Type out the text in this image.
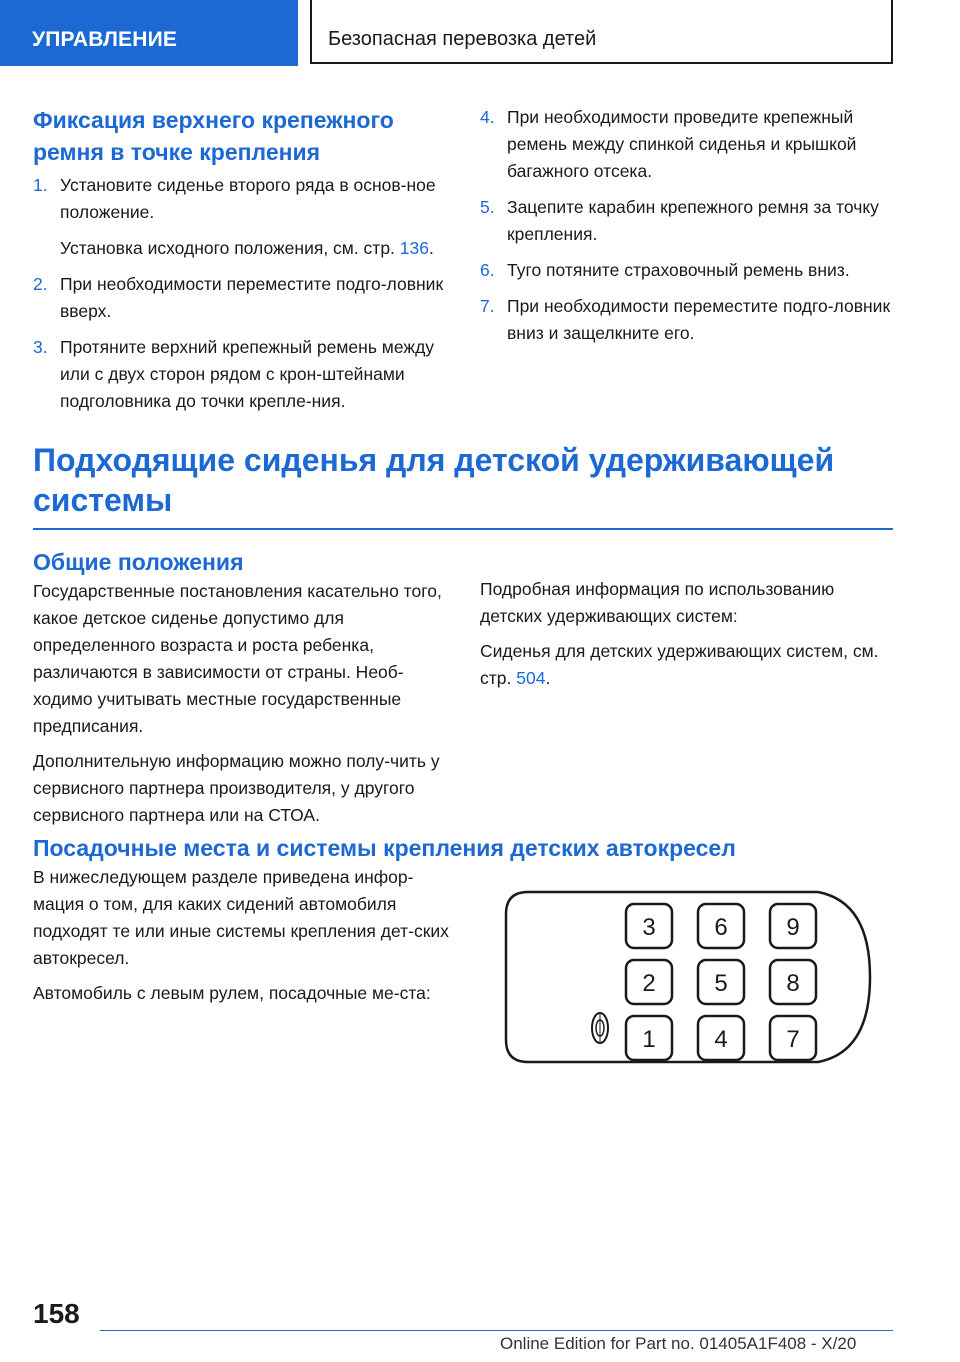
УПРАВЛЕНИЕ	Безопасная перевозка детей
Фиксация верхнего крепежного ремня в точке крепления
1. Установите сиденье второго ряда в основ-ное положение.
Установка исходного положения, см. стр. 136.
2. При необходимости переместите подго-ловник вверх.
3. Протяните верхний крепежный ремень между или с двух сторон рядом с крон-штейнами подголовника до точки крепле-ния.
4. При необходимости проведите крепежный ремень между спинкой сиденья и крышкой багажного отсека.
5. Зацепите карабин крепежного ремня за точку крепления.
6. Туго потяните страховочный ремень вниз.
7. При необходимости переместите подго-ловник вниз и защелкните его.
Подходящие сиденья для детской удерживающей системы
Общие положения

Государственные постановления касательно того, какое детское сиденье допустимо для определенного возраста и роста ребенка, различаются в зависимости от страны. Необ-ходимо учитывать местные государственные предписания.

Дополнительную информацию можно полу-чить у сервисного партнера производителя, у другого сервисного партнера или на СТОА.

Подробная информация по использованию детских удерживающих систем:

Сиденья для детских удерживающих систем, см. стр. 504.

Посадочные места и системы крепления детских автокресел

В нижеследующем разделе приведена инфор-мация о том, для каких сидений автомобиля подходят те или иные системы крепления дет-ских автокресел.

Автомобиль с левым рулем, посадочные ме-ста:

3 6 9
2 5 8
1 4 7
158
Online Edition for Part no. 01405A1F408 - X/20
